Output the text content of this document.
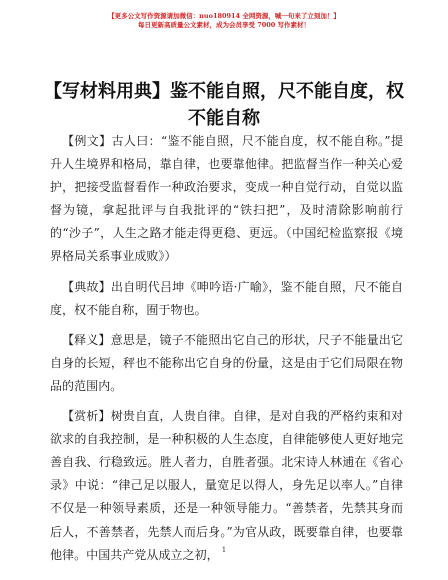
【更多公文写作资源请加微信：nuo180914 全网资源，喊一句来了立刻加！】
每日更新高质量公文素材，成为会员享受 7000 写作素材！
【写材料用典】鉴不能自照，尺不能自度，权不能自称

【例文】古人曰：“鉴不能自照，尺不能自度，权不能自称。”提升人生境界和格局，靠自律，也要靠他律。把监督当作一种关心爱护，把接受监督看作一种政治要求，变成一种自觉行动，自觉以监督为镜，拿起批评与自我批评的“铁扫把”，及时清除影响前行的“沙子”，人生之路才能走得更稳、更远。（中国纪检监察报《境界格局关系事业成败》）

【典故】出自明代吕坤《呻吟语·广喻》，鉴不能自照，尺不能自度，权不能自称，囿于物也。

【释义】意思是，镜子不能照出它自己的形状，尺子不能量出它自身的长短，秤也不能称出它自身的份量，这是由于它们局限在物品的范围内。

【赏析】树贵自直，人贵自律。自律，是对自我的严格约束和对欲求的自我控制，是一种积极的人生态度，自律能够使人更好地完善自我、行稳致远。胜人者力，自胜者强。北宋诗人林逋在《省心录》中说：“律己足以服人，量宽足以得人，身先足以率人。”自律不仅是一种领导素质，还是一种领导能力。“善禁者，先禁其身而后人，不善禁者，先禁人而后身。”为官从政，既要靠自律，也要靠他律。中国共产党从成立之初， 1
